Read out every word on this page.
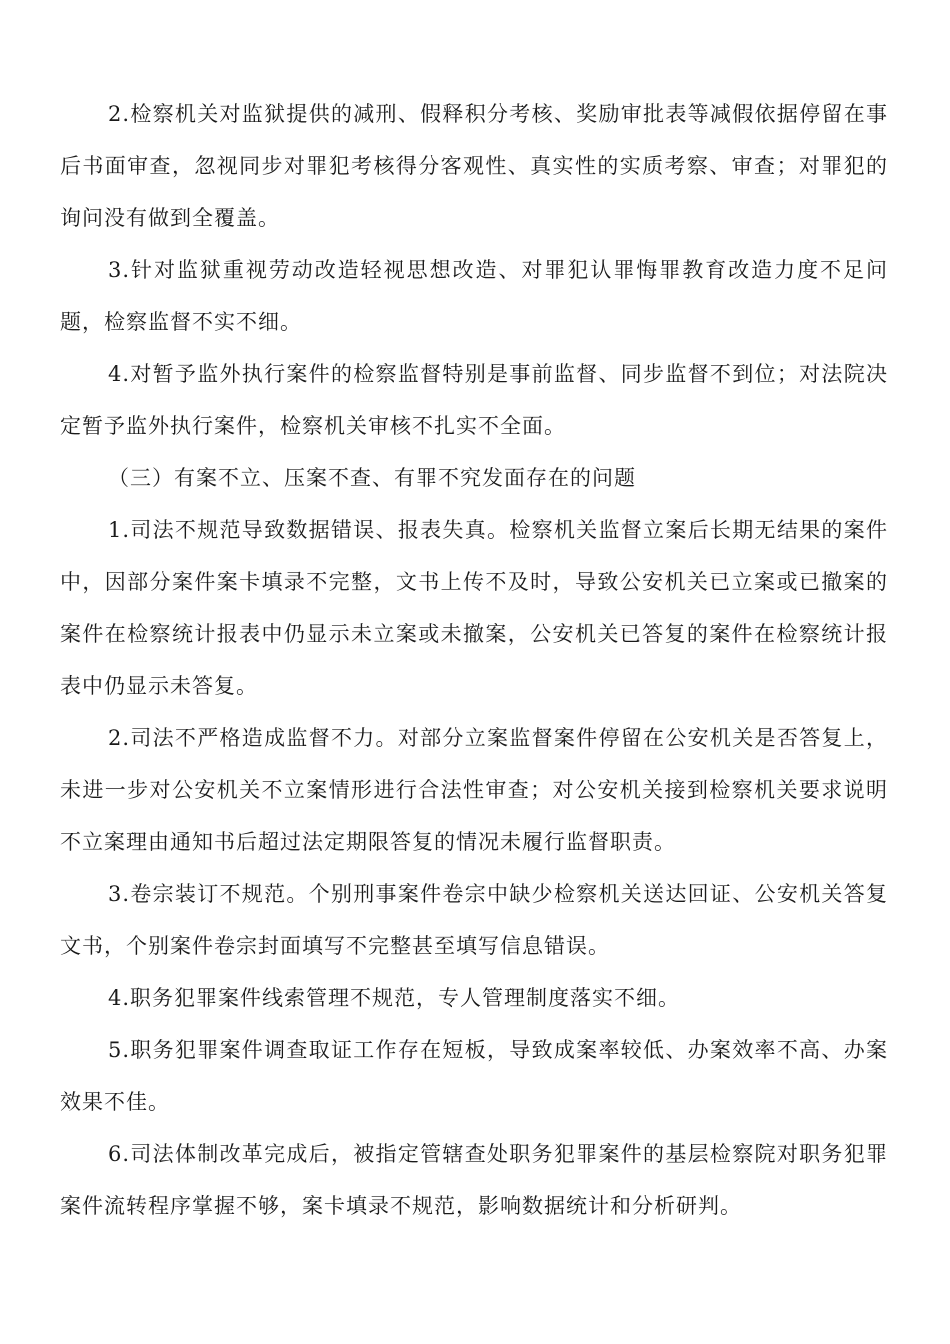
2.检察机关对监狱提供的减刑、假释积分考核、奖励审批表等减假依据停留在事后书面审查，忽视同步对罪犯考核得分客观性、真实性的实质考察、审查；对罪犯的询问没有做到全覆盖。

3.针对监狱重视劳动改造轻视思想改造、对罪犯认罪悔罪教育改造力度不足问题，检察监督不实不细。

4.对暂予监外执行案件的检察监督特别是事前监督、同步监督不到位；对法院决定暂予监外执行案件，检察机关审核不扎实不全面。

（三）有案不立、压案不查、有罪不究发面存在的问题

1.司法不规范导致数据错误、报表失真。检察机关监督立案后长期无结果的案件中，因部分案件案卡填录不完整，文书上传不及时，导致公安机关已立案或已撤案的案件在检察统计报表中仍显示未立案或未撤案，公安机关已答复的案件在检察统计报表中仍显示未答复。

2.司法不严格造成监督不力。对部分立案监督案件停留在公安机关是否答复上，未进一步对公安机关不立案情形进行合法性审查；对公安机关接到检察机关要求说明不立案理由通知书后超过法定期限答复的情况未履行监督职责。

3.卷宗装订不规范。个别刑事案件卷宗中缺少检察机关送达回证、公安机关答复文书，个别案件卷宗封面填写不完整甚至填写信息错误。

4.职务犯罪案件线索管理不规范，专人管理制度落实不细。

5.职务犯罪案件调查取证工作存在短板，导致成案率较低、办案效率不高、办案效果不佳。

6.司法体制改革完成后，被指定管辖查处职务犯罪案件的基层检察院对职务犯罪案件流转程序掌握不够，案卡填录不规范，影响数据统计和分析研判。
